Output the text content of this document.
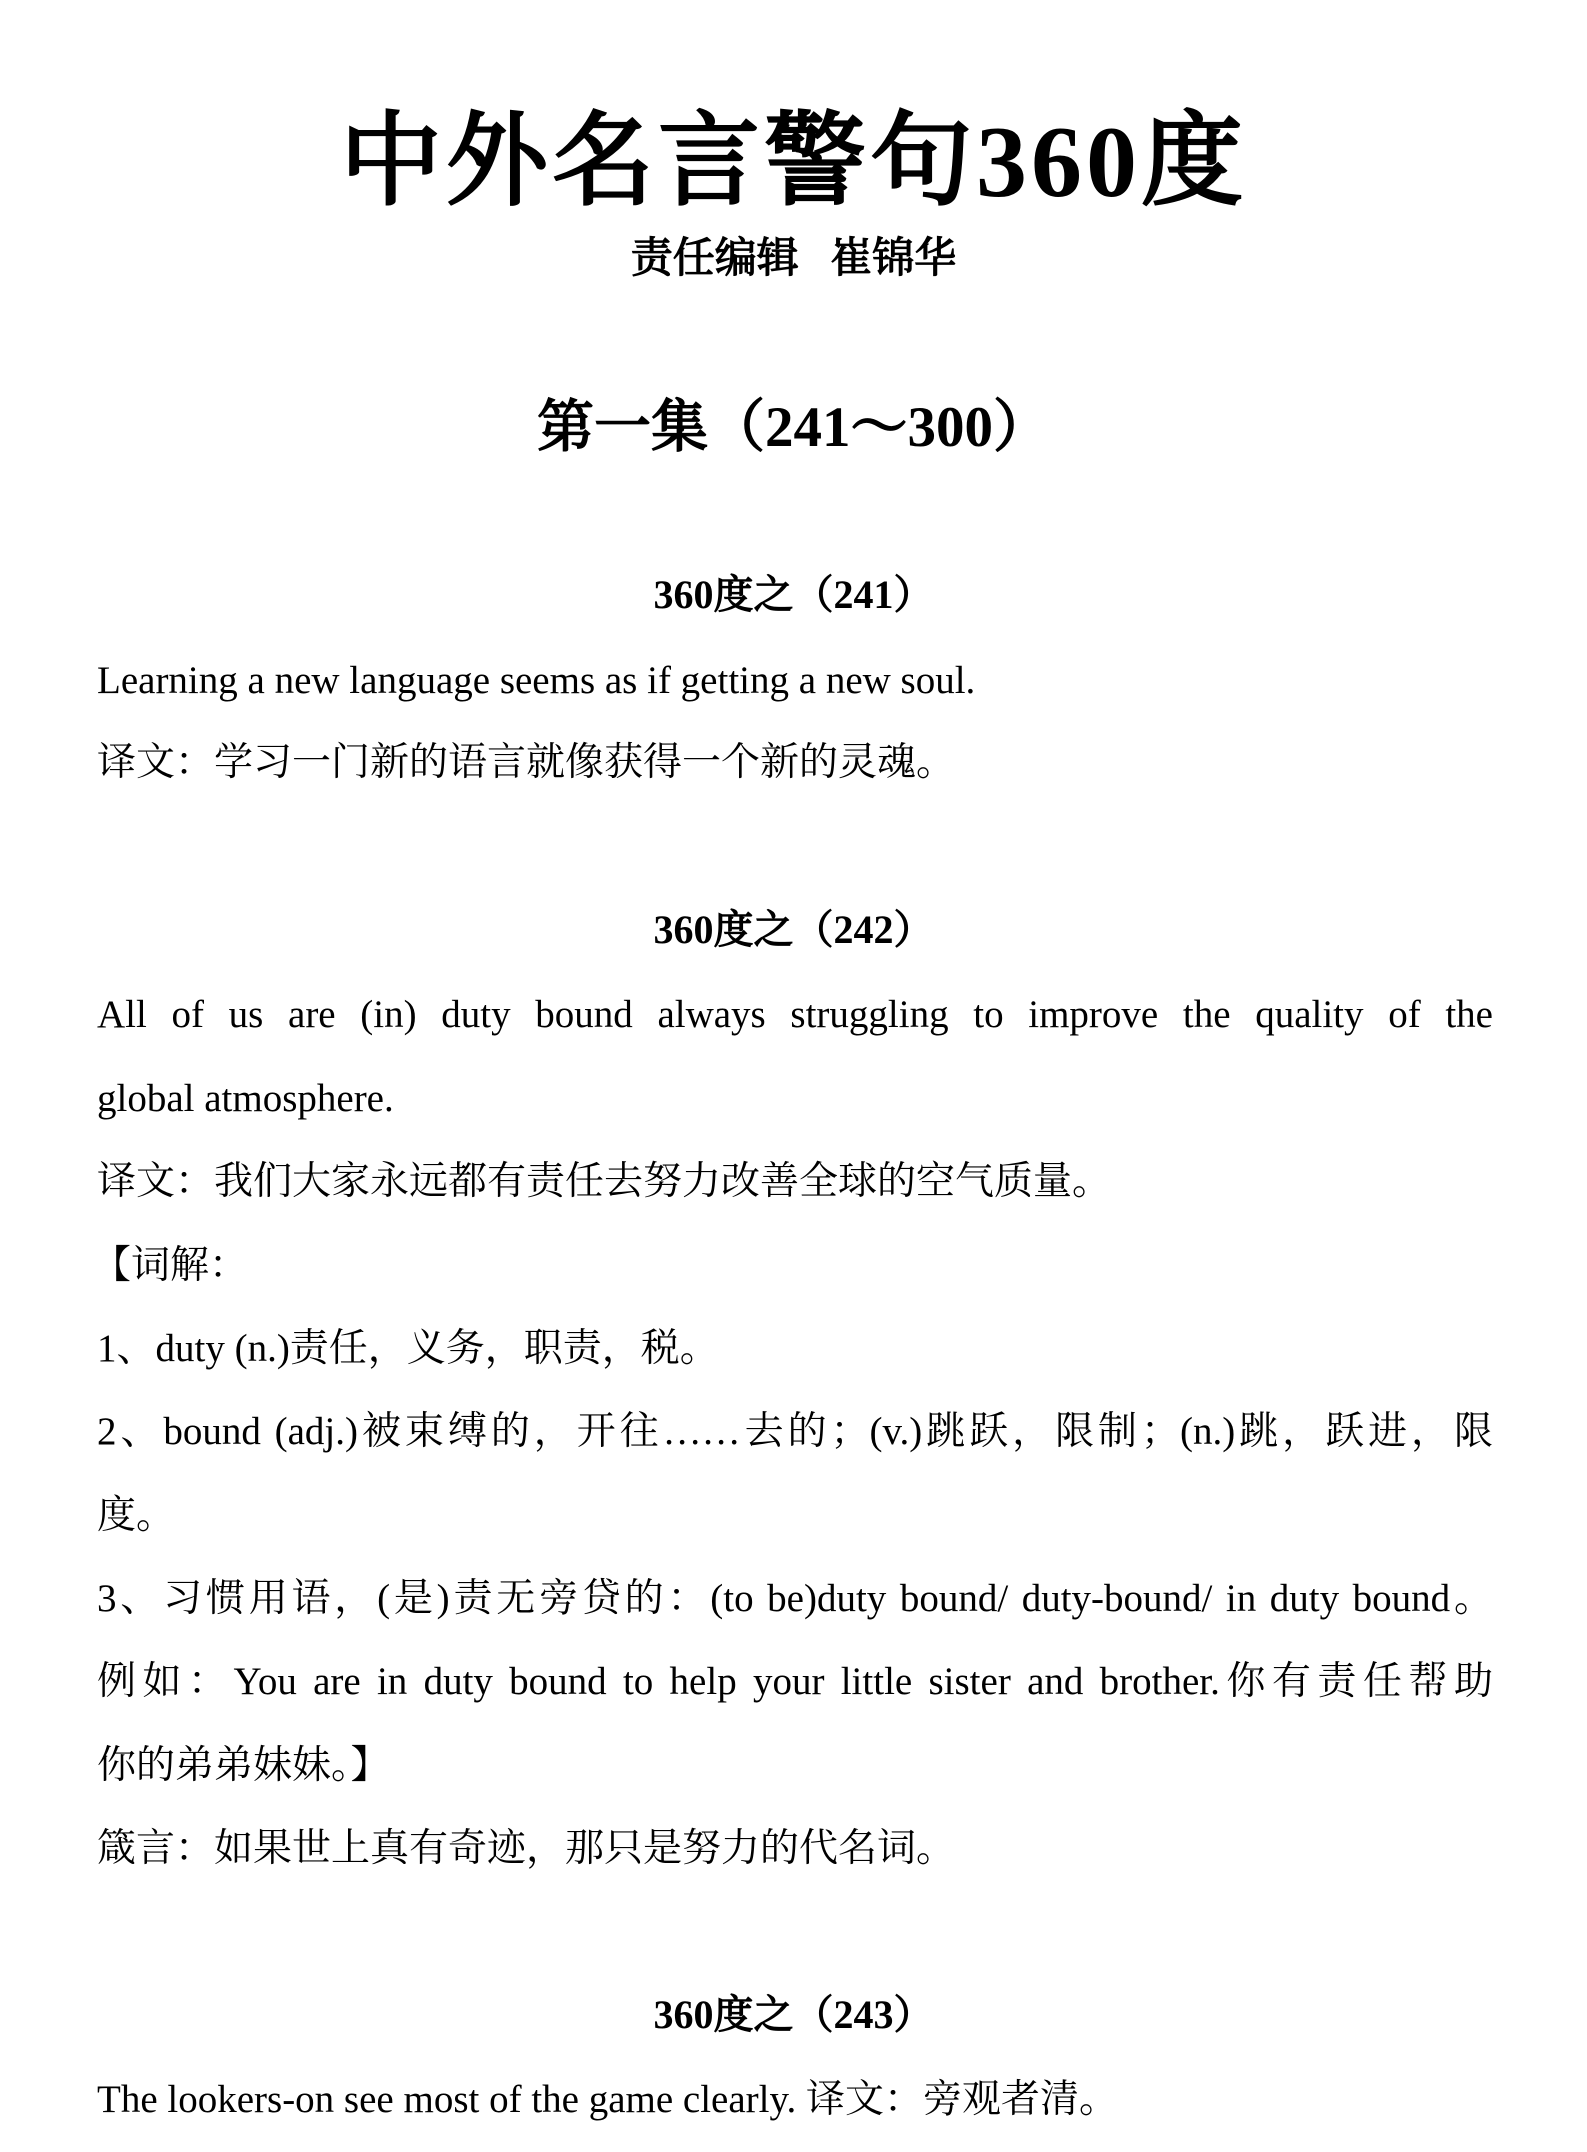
中外名言警句360度
责任编辑   崔锦华
第一集（241～300）
360度之（241）
Learning a new language seems as if getting a new soul.
译文：学习一门新的语言就像获得一个新的灵魂。
360度之（242）
All of us are (in) duty bound always struggling to improve the quality of the
global atmosphere.
译文：我们大家永远都有责任去努力改善全球的空气质量。
【词解：
1、duty (n.)责任，义务，职责，税。
2、bound (adj.)被束缚的，开往……去的；(v.)跳跃，限制；(n.)跳，跃进，限
度。
3、习惯用语，(是)责无旁贷的：(to be)duty bound/ duty-bound/ in duty bound。
例如：You are in duty bound to help your little sister and brother.你有责任帮助
你的弟弟妹妹。】
箴言：如果世上真有奇迹，那只是努力的代名词。
360度之（243）
The lookers-on see most of the game clearly. 译文：旁观者清。
